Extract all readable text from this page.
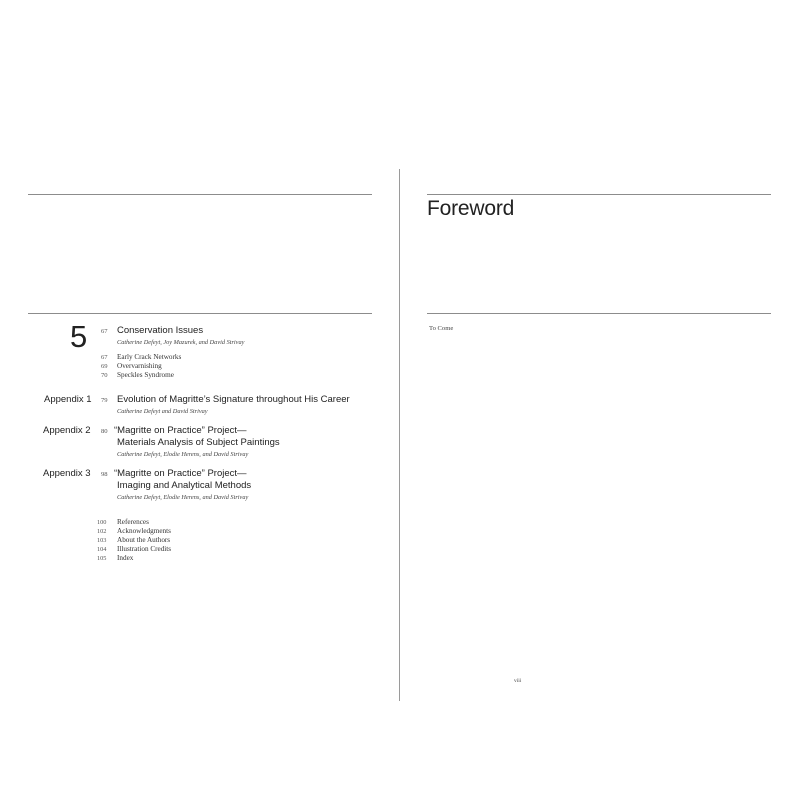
5 67 Conservation Issues
Catherine Defeyt, Joy Mazurek, and David Strivay
67 Early Crack Networks
69 Overvarnishing
70 Speckles Syndrome
Appendix 1 79 Evolution of Magritte’s Signature throughout His Career
Catherine Defeyt and David Strivay
Appendix 2 80 “Magritte on Practice” Project—
Materials Analysis of Subject Paintings
Catherine Defeyt, Elodie Herens, and David Strivay
Appendix 3 98 “Magritte on Practice” Project—
Imaging and Analytical Methods
Catherine Defeyt, Elodie Herens, and David Strivay
100 References
102 Acknowledgments
103 About the Authors
104 Illustration Credits
105 Index
Foreword
To Come
viii
